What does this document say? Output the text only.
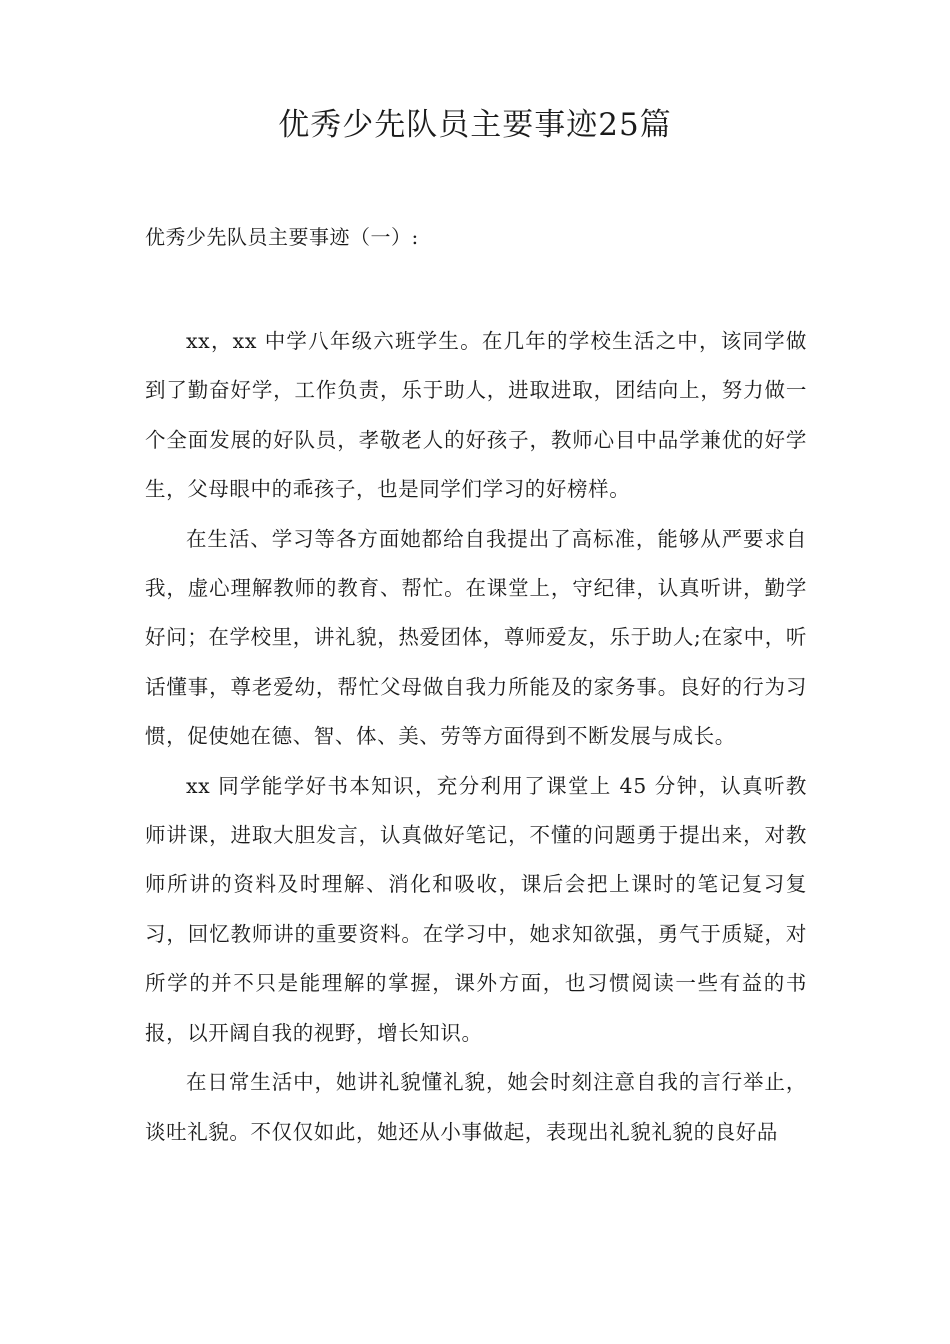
优秀少先队员主要事迹25篇
优秀少先队员主要事迹（一）:

xx，xx 中学八年级六班学生。在几年的学校生活之中，该同学做到了勤奋好学，工作负责，乐于助人，进取进取，团结向上，努力做一个全面发展的好队员，孝敬老人的好孩子，教师心目中品学兼优的好学生，父母眼中的乖孩子，也是同学们学习的好榜样。

在生活、学习等各方面她都给自我提出了高标准，能够从严要求自我，虚心理解教师的教育、帮忙。在课堂上，守纪律，认真听讲，勤学好问；在学校里，讲礼貌，热爱团体，尊师爱友，乐于助人;在家中，听话懂事，尊老爱幼，帮忙父母做自我力所能及的家务事。良好的行为习惯，促使她在德、智、体、美、劳等方面得到不断发展与成长。

xx 同学能学好书本知识，充分利用了课堂上 45 分钟，认真听教师讲课，进取大胆发言，认真做好笔记，不懂的问题勇于提出来，对教师所讲的资料及时理解、消化和吸收，课后会把上课时的笔记复习复习，回忆教师讲的重要资料。在学习中，她求知欲强，勇气于质疑，对所学的并不只是能理解的掌握，课外方面，也习惯阅读一些有益的书报，以开阔自我的视野，增长知识。

在日常生活中，她讲礼貌懂礼貌，她会时刻注意自我的言行举止，谈吐礼貌。不仅仅如此，她还从小事做起，表现出礼貌礼貌的良好品
